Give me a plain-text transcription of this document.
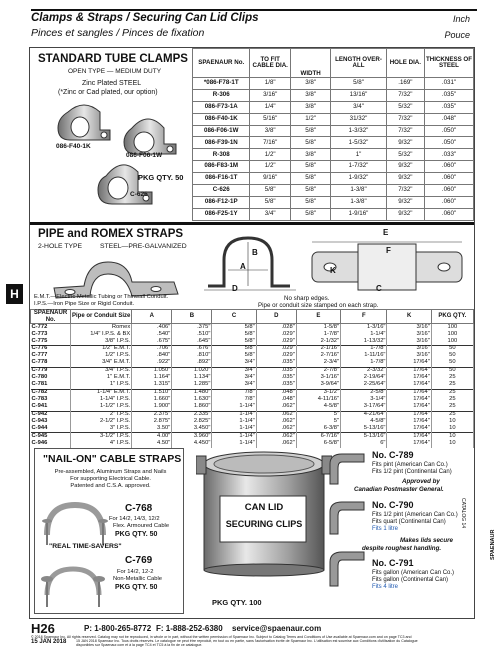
Clamps & Straps / Securing Can Lid Clips
Pinces et sangles / Pinces de fixation
Inch
Pouce
STANDARD TUBE CLAMPS
OPEN TYPE — MEDIUM DUTY
Zinc Plated STEEL
(*Zinc or Cad plated, our option)
086-F40-1K
086-F06-1W
PKG QTY. 50
C-626
SPAENAUR No.	TO FIT CABLE DIA.	WIDTH	LENGTH OVER-ALL	HOLE DIA.	THICKNESS OF STEEL
*086-F78-1T	1/8"	3/8"	5/8"	.169"	.031"
R-306	3/16"	3/8"	13/16"	7/32"	.035"
086-F73-1A	1/4"	3/8"	3/4"	5/32"	.035"
086-F40-1K	5/16"	1/2"	31/32"	7/32"	.048"
086-F06-1W	3/8"	5/8"	1-3/32"	7/32"	.050"
086-F39-1N	7/16"	5/8"	1-5/32"	9/32"	.050"
R-308	1/2"	3/8"	1"	5/32"	.033"
086-F83-1M	1/2"	5/8"	1-7/32"	9/32"	.060"
086-F16-1T	9/16"	5/8"	1-9/32"	9/32"	.060"
C-626	5/8"	5/8"	1-3/8"	7/32"	.060"
086-F12-1P	5/8"	5/8"	1-3/8"	9/32"	.060"
086-F25-1Y	3/4"	5/8"	1-9/16"	9/32"	.060"
PIPE and ROMEX STRAPS
2-HOLE TYPE	STEEL—PRE-GALVANIZED
E
B
A
D
K
F
C
E.M.T.—Electric Metallic Tubing or Thinwall Conduit.
I.P.S.—Iron Pipe Size or Rigid Conduit.
No sharp edges.
Pipe or conduit size stamped on each strap.
SPAENAUR No.	Pipe or Conduit Size	A	B	C	D	E	F	K	PKG QTY.
C-772	Romex	.406"	.375"	5/8"	.028"	1-5/8"	1-3/16"	3/16"	100
C-773	1/4" I.P.S. & BX	.540"	.510"	5/8"	.029"	1-7/8"	1-1/4"	3/16"	100
C-775	3/8" I.P.S.	.675"	.645"	5/8"	.029"	2-1/32"	1-13/32"	3/16"	100
C-776	1/2" E.M.T.	.706"	.676"	5/8"	.029"	2-1/16"	1-7/8"	3/16"	50
C-777	1/2" I.P.S.	.840"	.810"	5/8"	.029"	2-7/16"	1-11/16"	3/16"	50
C-778	3/4" E.M.T.	.922"	.892"	3/4"	.035"	2-3/4"	1-7/8"	17/64"	50
C-779	3/4" I.P.S.	1.050"	1.020"	3/4"	.035"	2-7/8"	2-3/32"	17/64"	50
C-780	1" E.M.T.	1.164"	1.134"	3/4"	.035"	3-1/16"	2-19/64"	17/64"	25
C-781	1" I.P.S.	1.315"	1.285"	3/4"	.035"	3-9/64"	2-25/64"	17/64"	25
C-782	1-1/4" E.M.T.	1.510"	1.480"	7/8"	.048"	3-1/2"	2-5/8"	17/64"	25
C-783	1-1/4" I.P.S.	1.660"	1.630"	7/8"	.048"	4-11/16"	3-1/4"	17/64"	25
C-941	1-1/2" I.P.S.	1.900"	1.860"	1-1/4"	.062"	4-5/8"	3-17/64"	17/64"	25
C-942	2" I.P.S.	2.375"	2.335"	1-1/4"	.062"	5"	4-21/64"	17/64"	25
C-943	2-1/2" I.P.S.	2.875"	2.825"	1-1/4"	.062"	5"	4-5/8"	17/64"	10
C-944	3" I.P.S.	3.50"	3.450"	1-1/4"	.062"	6-3/8"	5-13/16"	17/64"	10
C-945	3-1/2" I.P.S.	4.00"	3.960"	1-1/4"	.062"	6-7/16"	5-13/16"	17/64"	10
C-946	4" I.P.S.	4.50"	4.450"	1-1/4"	.062"	6-5/8"	6"	17/64"	10
"NAIL-ON" CABLE STRAPS
Pre-assembled, Aluminum Straps and Nails
For supporting Electrical Cable.
Patented and C.S.A. approved.
C-768
For 14/2, 14/3, 12/2
Flex. Armoured Cable
PKG QTY. 50
"REAL TIME-SAVERS"
C-769
For 14/2, 12-2
Non-Metallic Cable
PKG QTY. 50
CAN LID
SECURING CLIPS
PKG QTY. 100
No. C-789
Fits pint (American Can Co.)
Fits 1/2 pint (Continental Can)
Approved by
Canadian Postmaster General.
No. C-790
Fits 1/2 pint (American Can Co.)
Fits quart (Continental Can)
Fits 1 litre
Makes lids secure
despite roughest handling.
No. C-791
Fits gallon (American Can Co.)
Fits gallon (Continental Can)
Fits 4 litre
H
CATALOG 14
SPAENAUR
H26	P: 1-800-265-8772 F: 1-888-252-6380 service@spaenaur.com
© 2018 Spaenaur Inc. All rights reserved. Catalog may not be reproduced, in whole or in part, without the written permission of Spaenaur Inc. Subject to Catalog Terms and Conditions of Use available at Spaenaur.com and on page TC3 and
15 JAN 2018 Spaenaur Inc. Tous droits réservés. Le catalogue ne peut être reproduit, en tout ou en partie, sans l'autorisation écrite de Spaenaur Inc. L'utilisation est soumise aux Conditions d'utilisation du Catalogue
disponibles sur Spaenaur.com et à la page TC4 et TC5 à la fin de ce catalogue.
15 JAN 2018
